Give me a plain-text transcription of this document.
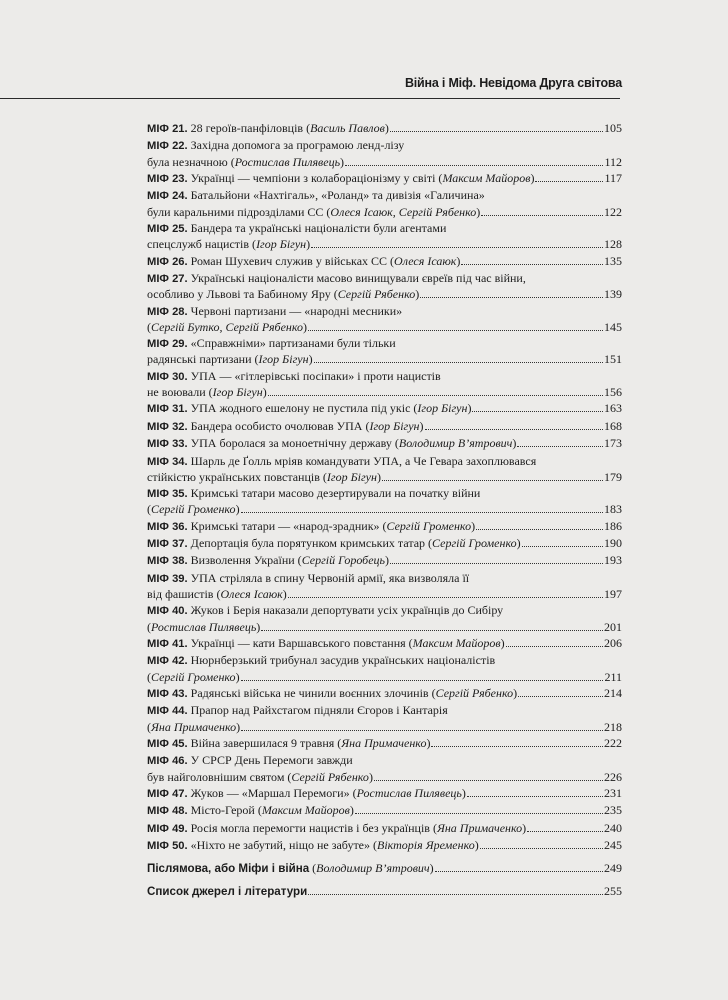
Війна і Міф. Невідома Друга світова
МІФ 21. 28 героїв-панфіловців (Василь Павлов)	105
МІФ 22. Західна допомога за програмою ленд-лізу
була незначною (Ростислав Пилявець)	112
МІФ 23. Українці — чемпіони з колабораціонізму у світі (Максим Майоров)	117
МІФ 24. Батальйони «Нахтігаль», «Роланд» та дивізія «Галичина»
були каральними підрозділами СС (Олеся Ісаюк, Сергій Рябенко)	122
МІФ 25. Бандера та українські націоналісти були агентами
спецслужб нацистів (Ігор Бігун)	128
МІФ 26. Роман Шухевич служив у військах СС (Олеся Ісаюк)	135
МІФ 27. Українські націоналісти масово винищували євреїв під час війни,
особливо у Львові та Бабиному Яру (Сергій Рябенко)	139
МІФ 28. Червоні партизани — «народні месники»
(Сергій Бутко, Сергій Рябенко)	145
МІФ 29. «Справжніми» партизанами були тільки
радянські партизани (Ігор Бігун)	151
МІФ 30. УПА — «гітлерівські посіпаки» і проти нацистів
не воювали (Ігор Бігун)	156
МІФ 31. УПА жодного ешелону не пустила під укіс (Ігор Бігун)	163
МІФ 32. Бандера особисто очолював УПА (Ігор Бігун)	168
МІФ 33. УПА боролася за моноетнічну державу (Володимир В’ятрович)	173
МІФ 34. Шарль де Ґолль мріяв командувати УПА, а Че Гевара захоплювався
стійкістю українських повстанців (Ігор Бігун)	179
МІФ 35. Кримські татари масово дезертирували на початку війни
(Сергій Громенко)	183
МІФ 36. Кримські татари — «народ-зрадник» (Сергій Громенко)	186
МІФ 37. Депортація була порятунком кримських татар (Сергій Громенко)	190
МІФ 38. Визволення України (Сергій Горобець)	193
МІФ 39. УПА стріляла в спину Червоній армії, яка визволяла її
від фашистів (Олеся Ісаюк)	197
МІФ 40. Жуков і Берія наказали депортувати усіх українців до Сибіру
(Ростислав Пилявець)	201
МІФ 41. Українці — кати Варшавського повстання (Максим Майоров)	206
МІФ 42. Нюрнберзький трибунал засудив українських націоналістів
(Сергій Громенко)	211
МІФ 43. Радянські війська не чинили воєнних злочинів (Сергій Рябенко)	214
МІФ 44. Прапор над Райхстагом підняли Єгоров і Кантарія
(Яна Примаченко)	218
МІФ 45. Війна завершилася 9 травня (Яна Примаченко)	222
МІФ 46. У СРСР День Перемоги завжди
був найголовнішим святом (Сергій Рябенко)	226
МІФ 47. Жуков — «Маршал Перемоги» (Ростислав Пилявець)	231
МІФ 48. Місто-Герой (Максим Майоров)	235
МІФ 49. Росія могла перемогти нацистів і без українців (Яна Примаченко)	240
МІФ 50. «Ніхто не забутий, ніщо не забуте» (Вікторія Яременко)	245
Післямова, або Міфи і війна (Володимир В’ятрович)	249
Список джерел і літератури	255
